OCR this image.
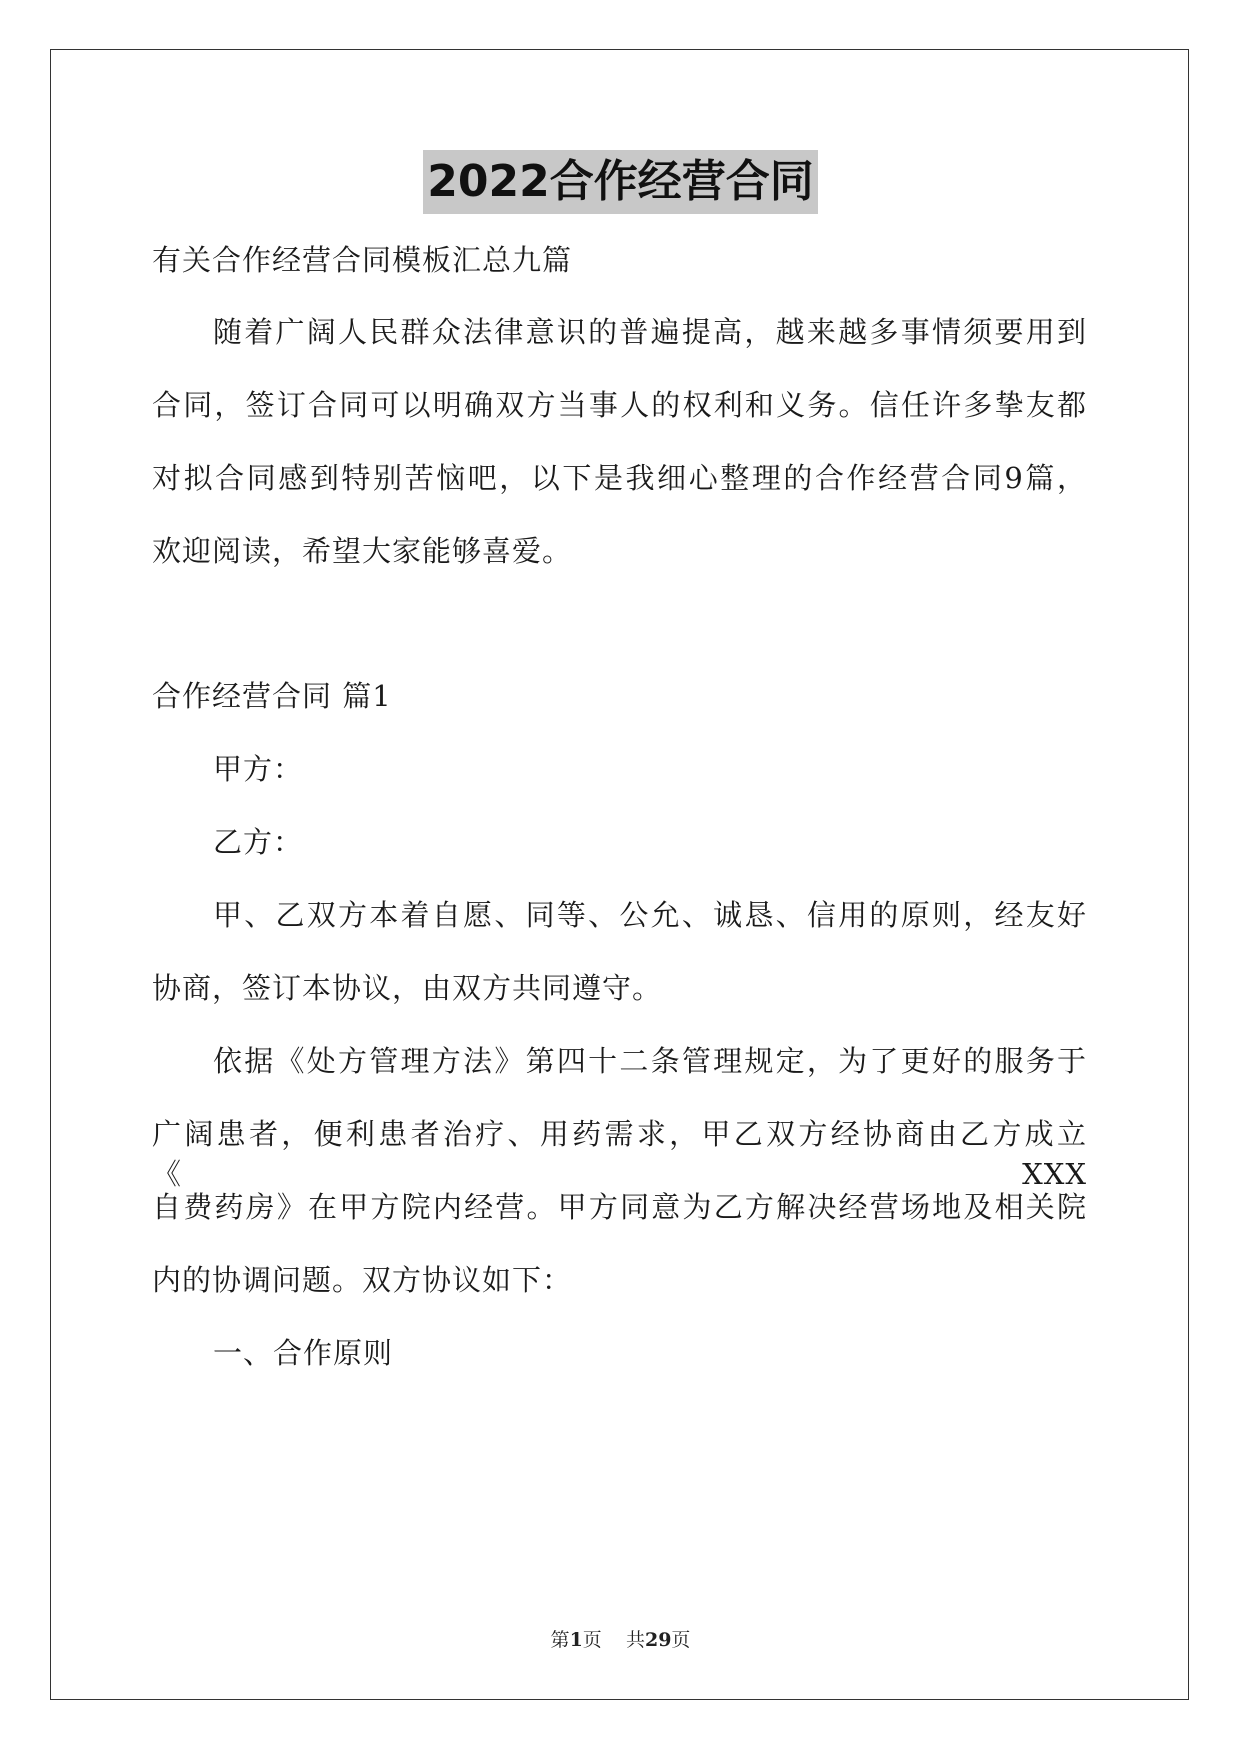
2022合作经营合同
有关合作经营合同模板汇总九篇
随着广阔人民群众法律意识的普遍提高，越来越多事情须要用到
合同，签订合同可以明确双方当事人的权利和义务。信任许多挚友都
对拟合同感到特别苦恼吧，以下是我细心整理的合作经营合同9篇，
欢迎阅读，希望大家能够喜爱。
合作经营合同 篇1
甲方：
乙方：
甲、乙双方本着自愿、同等、公允、诚恳、信用的原则，经友好
协商，签订本协议，由双方共同遵守。
依据《处方管理方法》第四十二条管理规定，为了更好的服务于
广阔患者，便利患者治疗、用药需求，甲乙双方经协商由乙方成立《XXX
自费药房》在甲方院内经营。甲方同意为乙方解决经营场地及相关院
内的协调问题。双方协议如下：
一、合作原则
第1页    共29页
